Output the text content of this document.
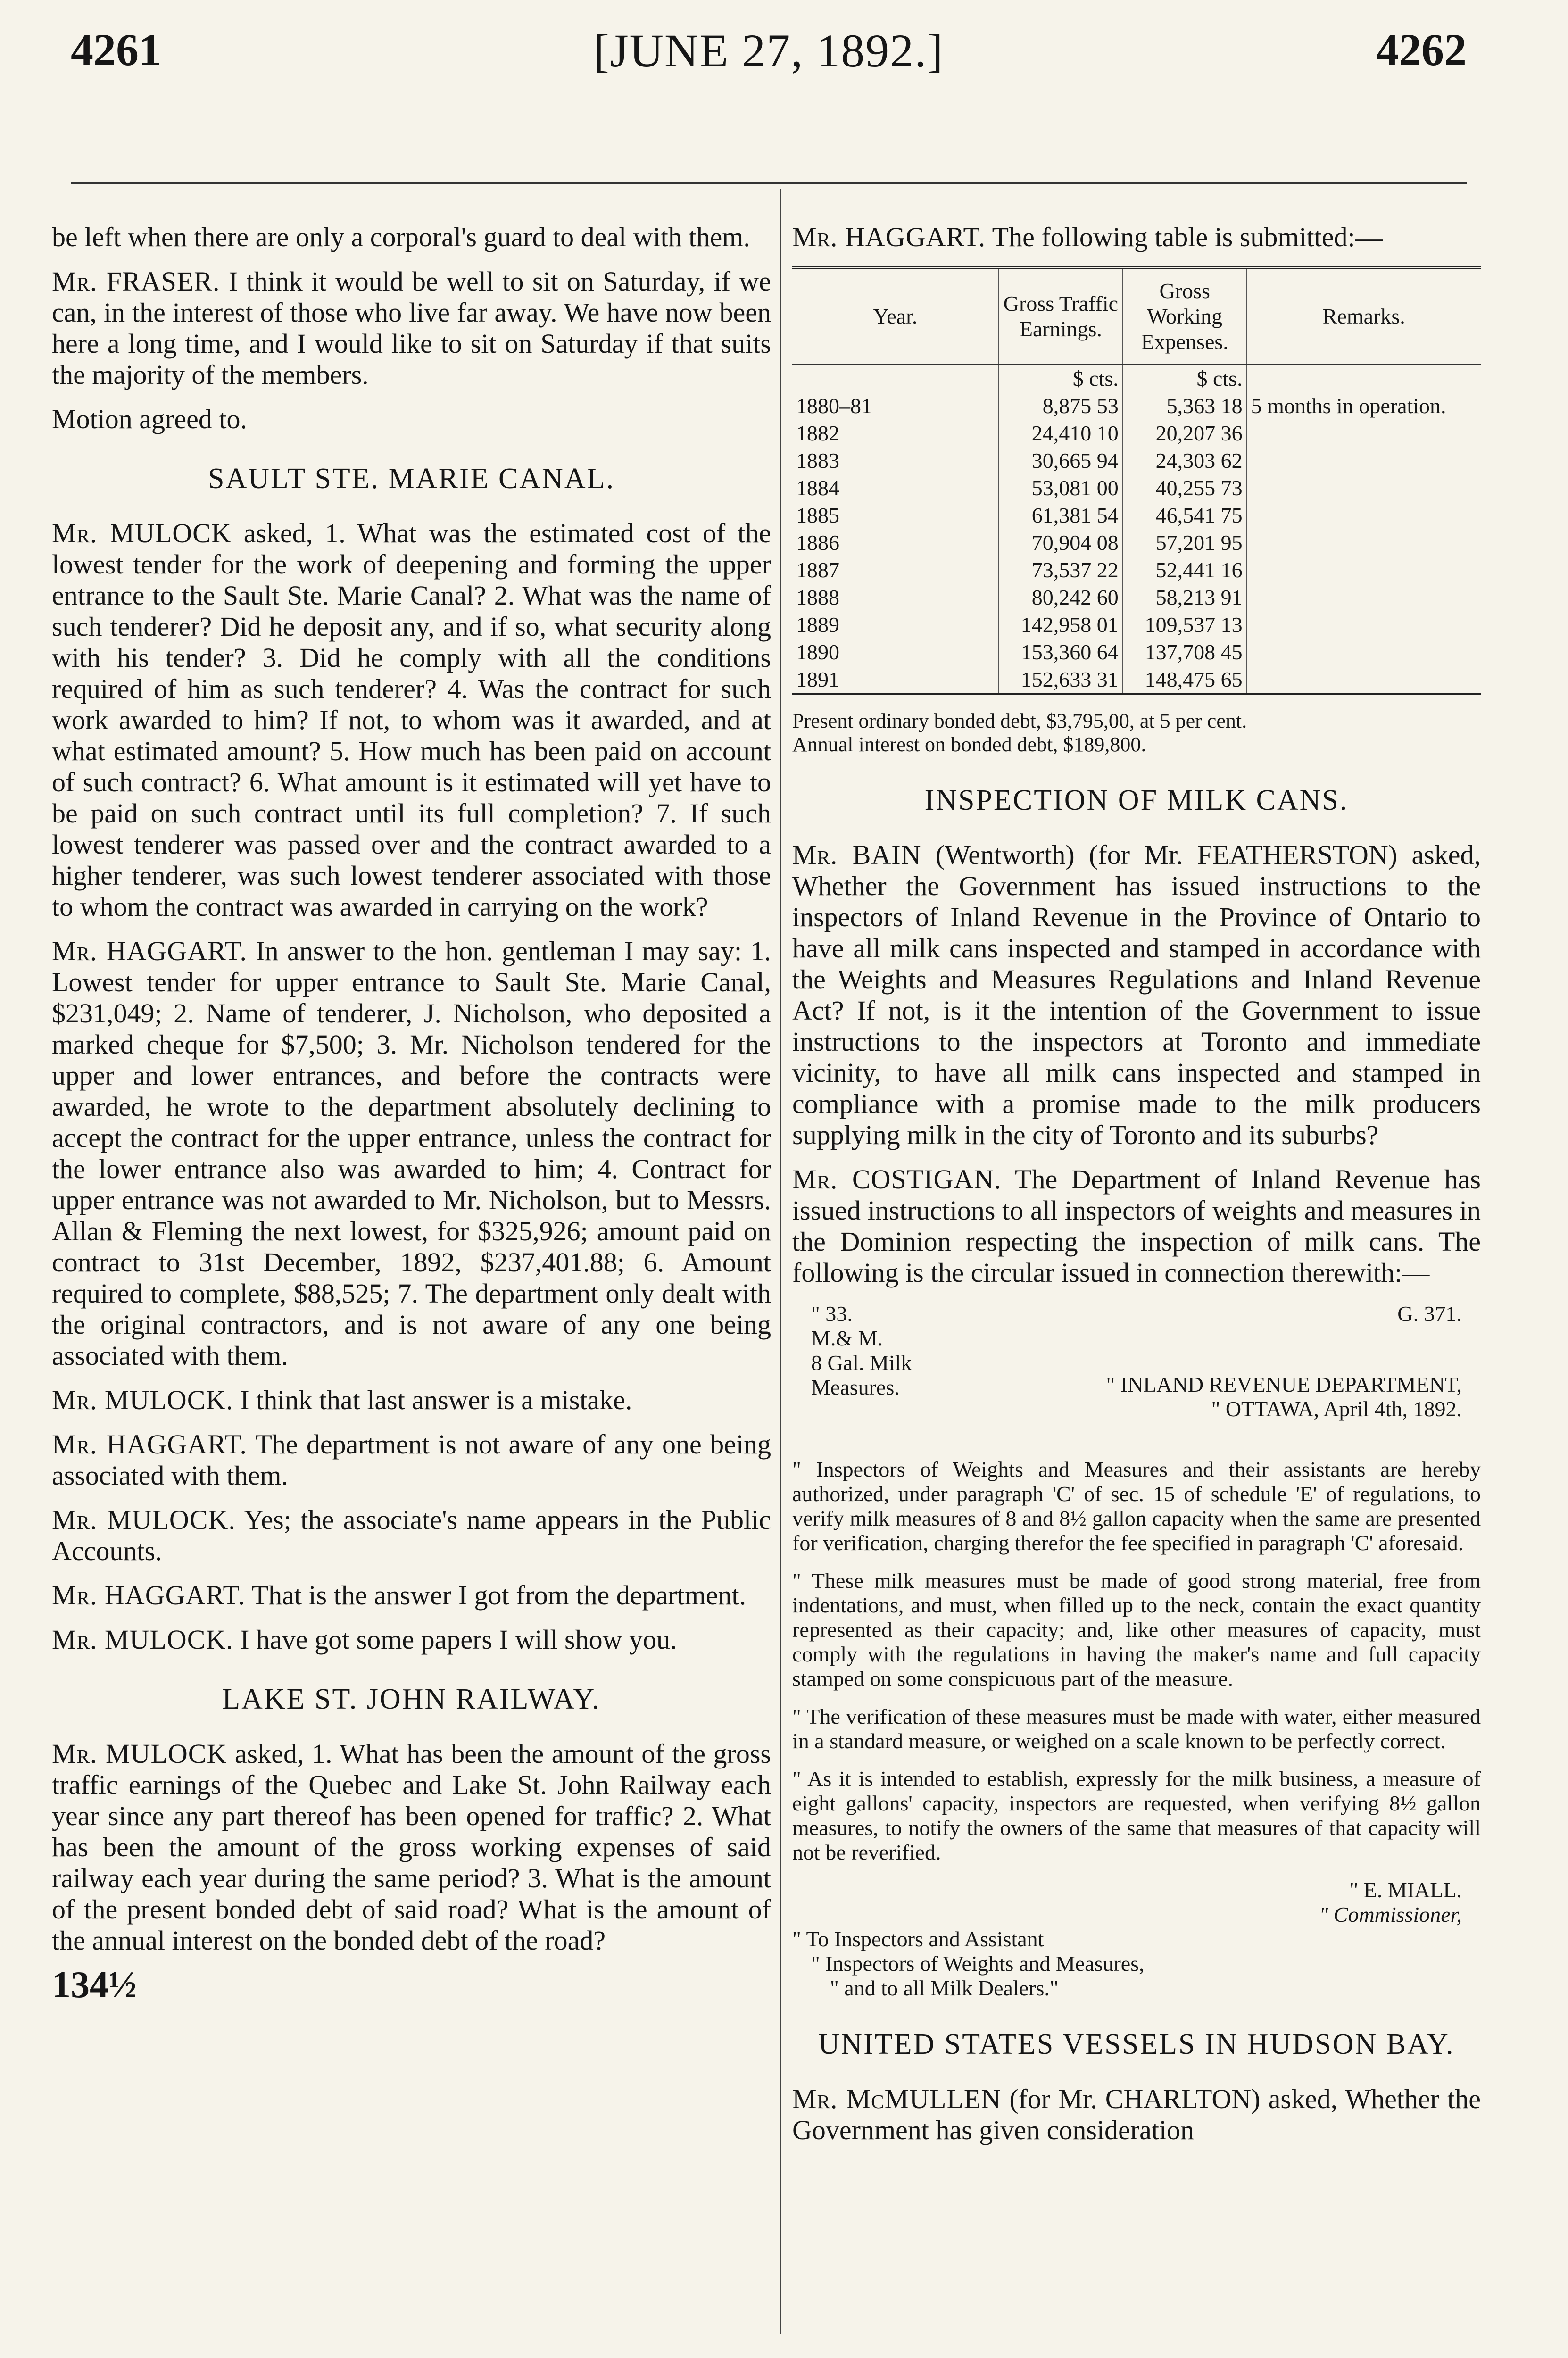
4261	[JUNE 27, 1892.]	4262

be left when there are only a corporal's guard to deal with them.

Mr. FRASER. I think it would be well to sit on Saturday, if we can, in the interest of those who live far away. We have now been here a long time, and I would like to sit on Saturday if that suits the majority of the members.

Motion agreed to.

SAULT STE. MARIE CANAL.

Mr. MULOCK asked, 1. What was the estimated cost of the lowest tender for the work of deepening and forming the upper entrance to the Sault Ste. Marie Canal? 2. What was the name of such tenderer? Did he deposit any, and if so, what security along with his tender? 3. Did he comply with all the conditions required of him as such tenderer? 4. Was the contract for such work awarded to him? If not, to whom was it awarded, and at what estimated amount? 5. How much has been paid on account of such contract? 6. What amount is it estimated will yet have to be paid on such contract until its full completion? 7. If such lowest tenderer was passed over and the contract awarded to a higher tenderer, was such lowest tenderer associated with those to whom the contract was awarded in carrying on the work?

Mr. HAGGART. In answer to the hon. gentleman I may say: 1. Lowest tender for upper entrance to Sault Ste. Marie Canal, $231,049; 2. Name of tenderer, J. Nicholson, who deposited a marked cheque for $7,500; 3. Mr. Nicholson tendered for the upper and lower entrances, and before the contracts were awarded, he wrote to the department absolutely declining to accept the contract for the upper entrance, unless the contract for the lower entrance also was awarded to him; 4. Contract for upper entrance was not awarded to Mr. Nicholson, but to Messrs. Allan & Fleming the next lowest, for $325,926; amount paid on contract to 31st December, 1892, $237,401.88; 6. Amount required to complete, $88,525; 7. The department only dealt with the original contractors, and is not aware of any one being associated with them.

Mr. MULOCK. I think that last answer is a mistake.

Mr. HAGGART. The department is not aware of any one being associated with them.

Mr. MULOCK. Yes; the associate's name appears in the Public Accounts.

Mr. HAGGART. That is the answer I got from the department.

Mr. MULOCK. I have got some papers I will show you.

LAKE ST. JOHN RAILWAY.

Mr. MULOCK asked, 1. What has been the amount of the gross traffic earnings of the Quebec and Lake St. John Railway each year since any part thereof has been opened for traffic? 2. What has been the amount of the gross working expenses of said railway each year during the same period? 3. What is the amount of the present bonded debt of said road? What is the amount of the annual interest on the bonded debt of the road?

134½

Mr. HAGGART. The following table is submitted:—

Year.	Gross Traffic Earnings.	Gross Working Expenses.	Remarks.
	$ cts.	$ cts.	
1880–81	8,875 53	5,363 18	5 months in operation.
1882	24,410 10	20,207 36	
1883	30,665 94	24,303 62	
1884	53,081 00	40,255 73	
1885	61,381 54	46,541 75	
1886	70,904 08	57,201 95	
1887	73,537 22	52,441 16	
1888	80,242 60	58,213 91	
1889	142,958 01	109,537 13	
1890	153,360 64	137,708 45	
1891	152,633 31	148,475 65	
Present ordinary bonded debt, $3,795,00, at 5 per cent.
Annual interest on bonded debt, $189,800.
INSPECTION OF MILK CANS.

Mr. BAIN (Wentworth) (for Mr. FEATHERSTON) asked, Whether the Government has issued instructions to the inspectors of Inland Revenue in the Province of Ontario to have all milk cans inspected and stamped in accordance with the Weights and Measures Regulations and Inland Revenue Act? If not, is it the intention of the Government to issue instructions to the inspectors at Toronto and immediate vicinity, to have all milk cans inspected and stamped in compliance with a promise made to the milk producers supplying milk in the city of Toronto and its suburbs?

Mr. COSTIGAN. The Department of Inland Revenue has issued instructions to all inspectors of weights and measures in the Dominion respecting the inspection of milk cans. The following is the circular issued in connection therewith:—

" 33.
M.& M.
8 Gal. Milk
Measures.
G. 371.
" INLAND REVENUE DEPARTMENT,
" OTTAWA, April 4th, 1892.

" Inspectors of Weights and Measures and their assistants are hereby authorized, under paragraph 'C' of sec. 15 of schedule 'E' of regulations, to verify milk measures of 8 and 8½ gallon capacity when the same are presented for verification, charging therefor the fee specified in paragraph 'C' aforesaid.

" These milk measures must be made of good strong material, free from indentations, and must, when filled up to the neck, contain the exact quantity represented as their capacity; and, like other measures of capacity, must comply with the regulations in having the maker's name and full capacity stamped on some conspicuous part of the measure.

" The verification of these measures must be made with water, either measured in a standard measure, or weighed on a scale known to be perfectly correct.

" As it is intended to establish, expressly for the milk business, a measure of eight gallons' capacity, inspectors are requested, when verifying 8½ gallon measures, to notify the owners of the same that measures of that capacity will not be reverified.

" E. MIALL.
" Commissioner,
" To Inspectors and Assistant
" Inspectors of Weights and Measures,
" and to all Milk Dealers."
UNITED STATES VESSELS IN HUDSON BAY.

Mr. McMULLEN (for Mr. CHARLTON) asked, Whether the Government has given consideration
